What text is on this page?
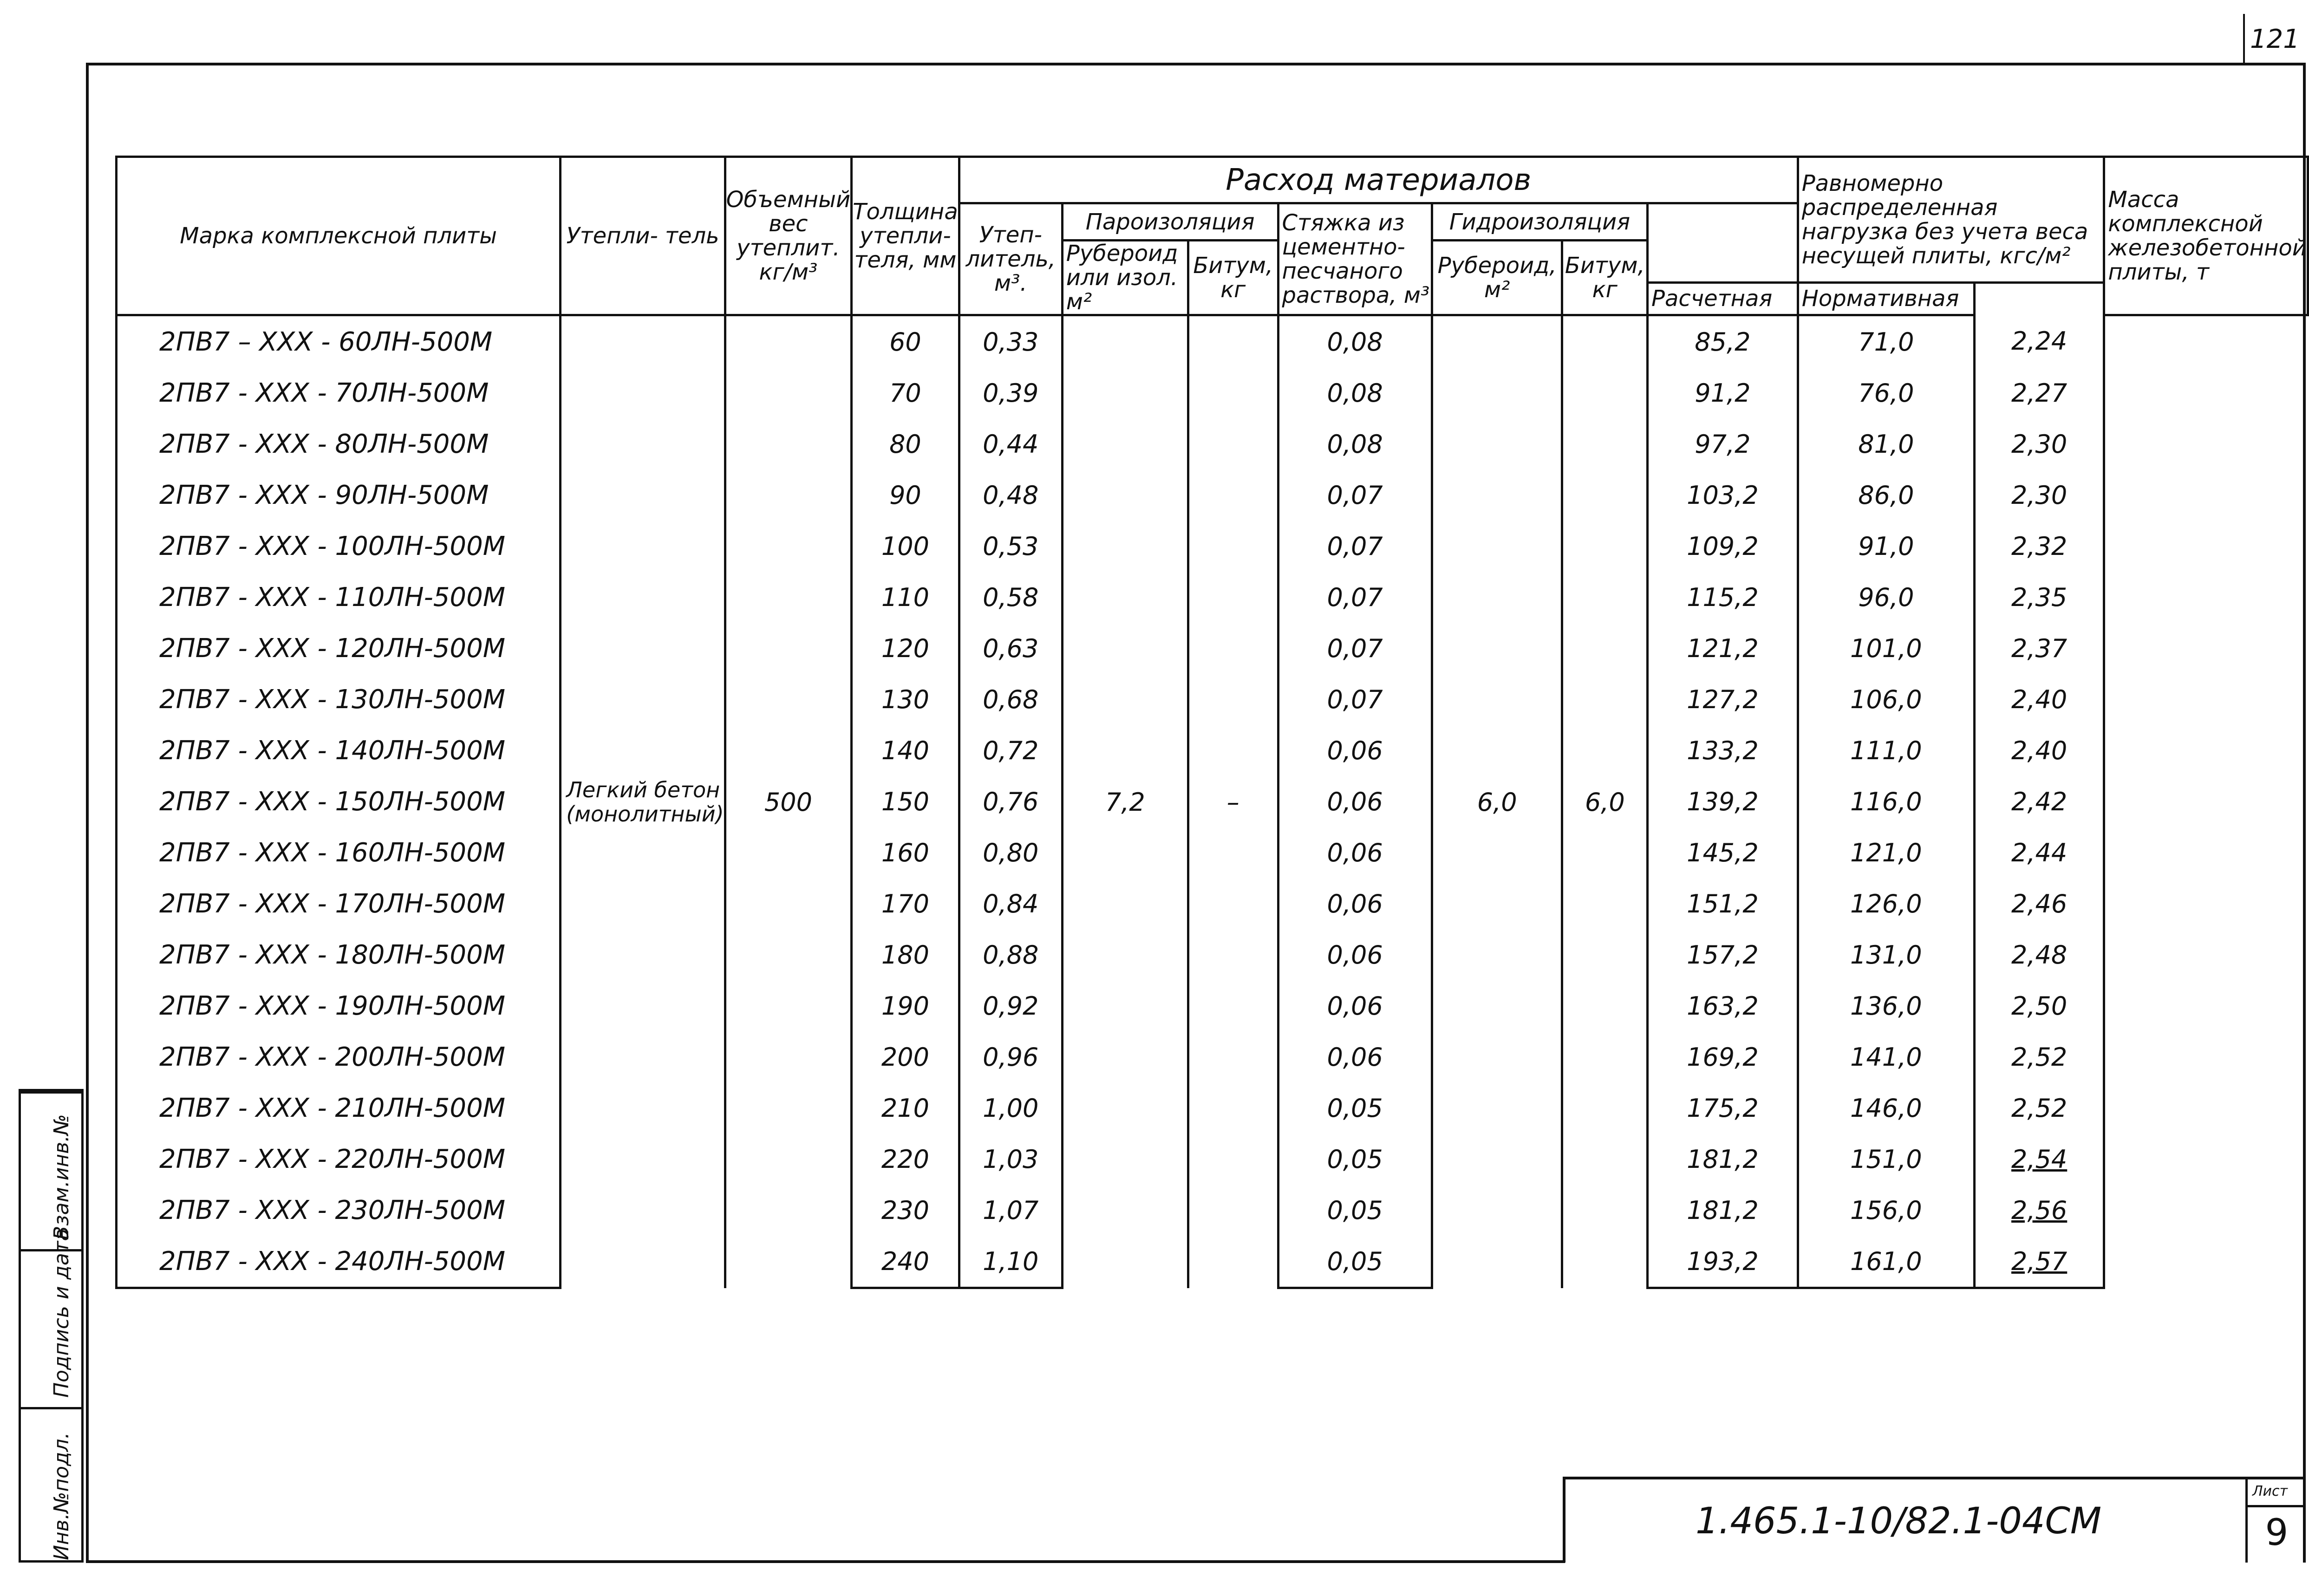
121
Марка комплексной плиты	Утепли- тель	Объемный вес утеплит. кг/м³	Толщина утепли- теля, мм	Расход материалов							Равномерно распределенная нагрузка без учета веса несущей плиты, кгс/м²		Масса комплексной железобетонной плиты, т
				Утеп- литель, м³.	Пароизоляция		Стяжка из цементно- песчаного раствора, м³	Гидроизоляция					
					Рубероид или изол. м²	Битум, кг		Рубероид, м²	Битум, кг				
										Расчетная	Нормативная		
2ПВ7 – XXX - 60ЛН-500М	Легкий бетон (монолитный)	500	60	0,33	7,2	–	0,08	6,0	6,0	85,2	71,0	2,24	
2ПВ7 - XXX - 70ЛН-500М			70	0,39			0,08			91,2	76,0	2,27	
2ПВ7 - XXX - 80ЛН-500М			80	0,44			0,08			97,2	81,0	2,30	
2ПВ7 - XXX - 90ЛН-500М			90	0,48			0,07			103,2	86,0	2,30	
2ПВ7 - XXX - 100ЛН-500М			100	0,53			0,07			109,2	91,0	2,32	
2ПВ7 - XXX - 110ЛН-500М			110	0,58			0,07			115,2	96,0	2,35	
2ПВ7 - XXX - 120ЛН-500М			120	0,63			0,07			121,2	101,0	2,37	
2ПВ7 - XXX - 130ЛН-500М			130	0,68			0,07			127,2	106,0	2,40	
2ПВ7 - XXX - 140ЛН-500М			140	0,72			0,06			133,2	111,0	2,40	
2ПВ7 - XXX - 150ЛН-500М			150	0,76			0,06			139,2	116,0	2,42	
2ПВ7 - XXX - 160ЛН-500М			160	0,80			0,06			145,2	121,0	2,44	
2ПВ7 - XXX - 170ЛН-500М			170	0,84			0,06			151,2	126,0	2,46	
2ПВ7 - XXX - 180ЛН-500М			180	0,88			0,06			157,2	131,0	2,48	
2ПВ7 - XXX - 190ЛН-500М			190	0,92			0,06			163,2	136,0	2,50	
2ПВ7 - XXX - 200ЛН-500М			200	0,96			0,06			169,2	141,0	2,52	
2ПВ7 - XXX - 210ЛН-500М			210	1,00			0,05			175,2	146,0	2,52	
2ПВ7 - XXX - 220ЛН-500М			220	1,03			0,05			181,2	151,0	2,54	
2ПВ7 - XXX - 230ЛН-500М			230	1,07			0,05			181,2	156,0	2,56	
2ПВ7 - XXX - 240ЛН-500М			240	1,10			0,05			193,2	161,0	2,57	
Инв.№подл.
Подпись и дата
Взам.инв.№
1.465.1-10/82.1-04СМ
Лист
9
